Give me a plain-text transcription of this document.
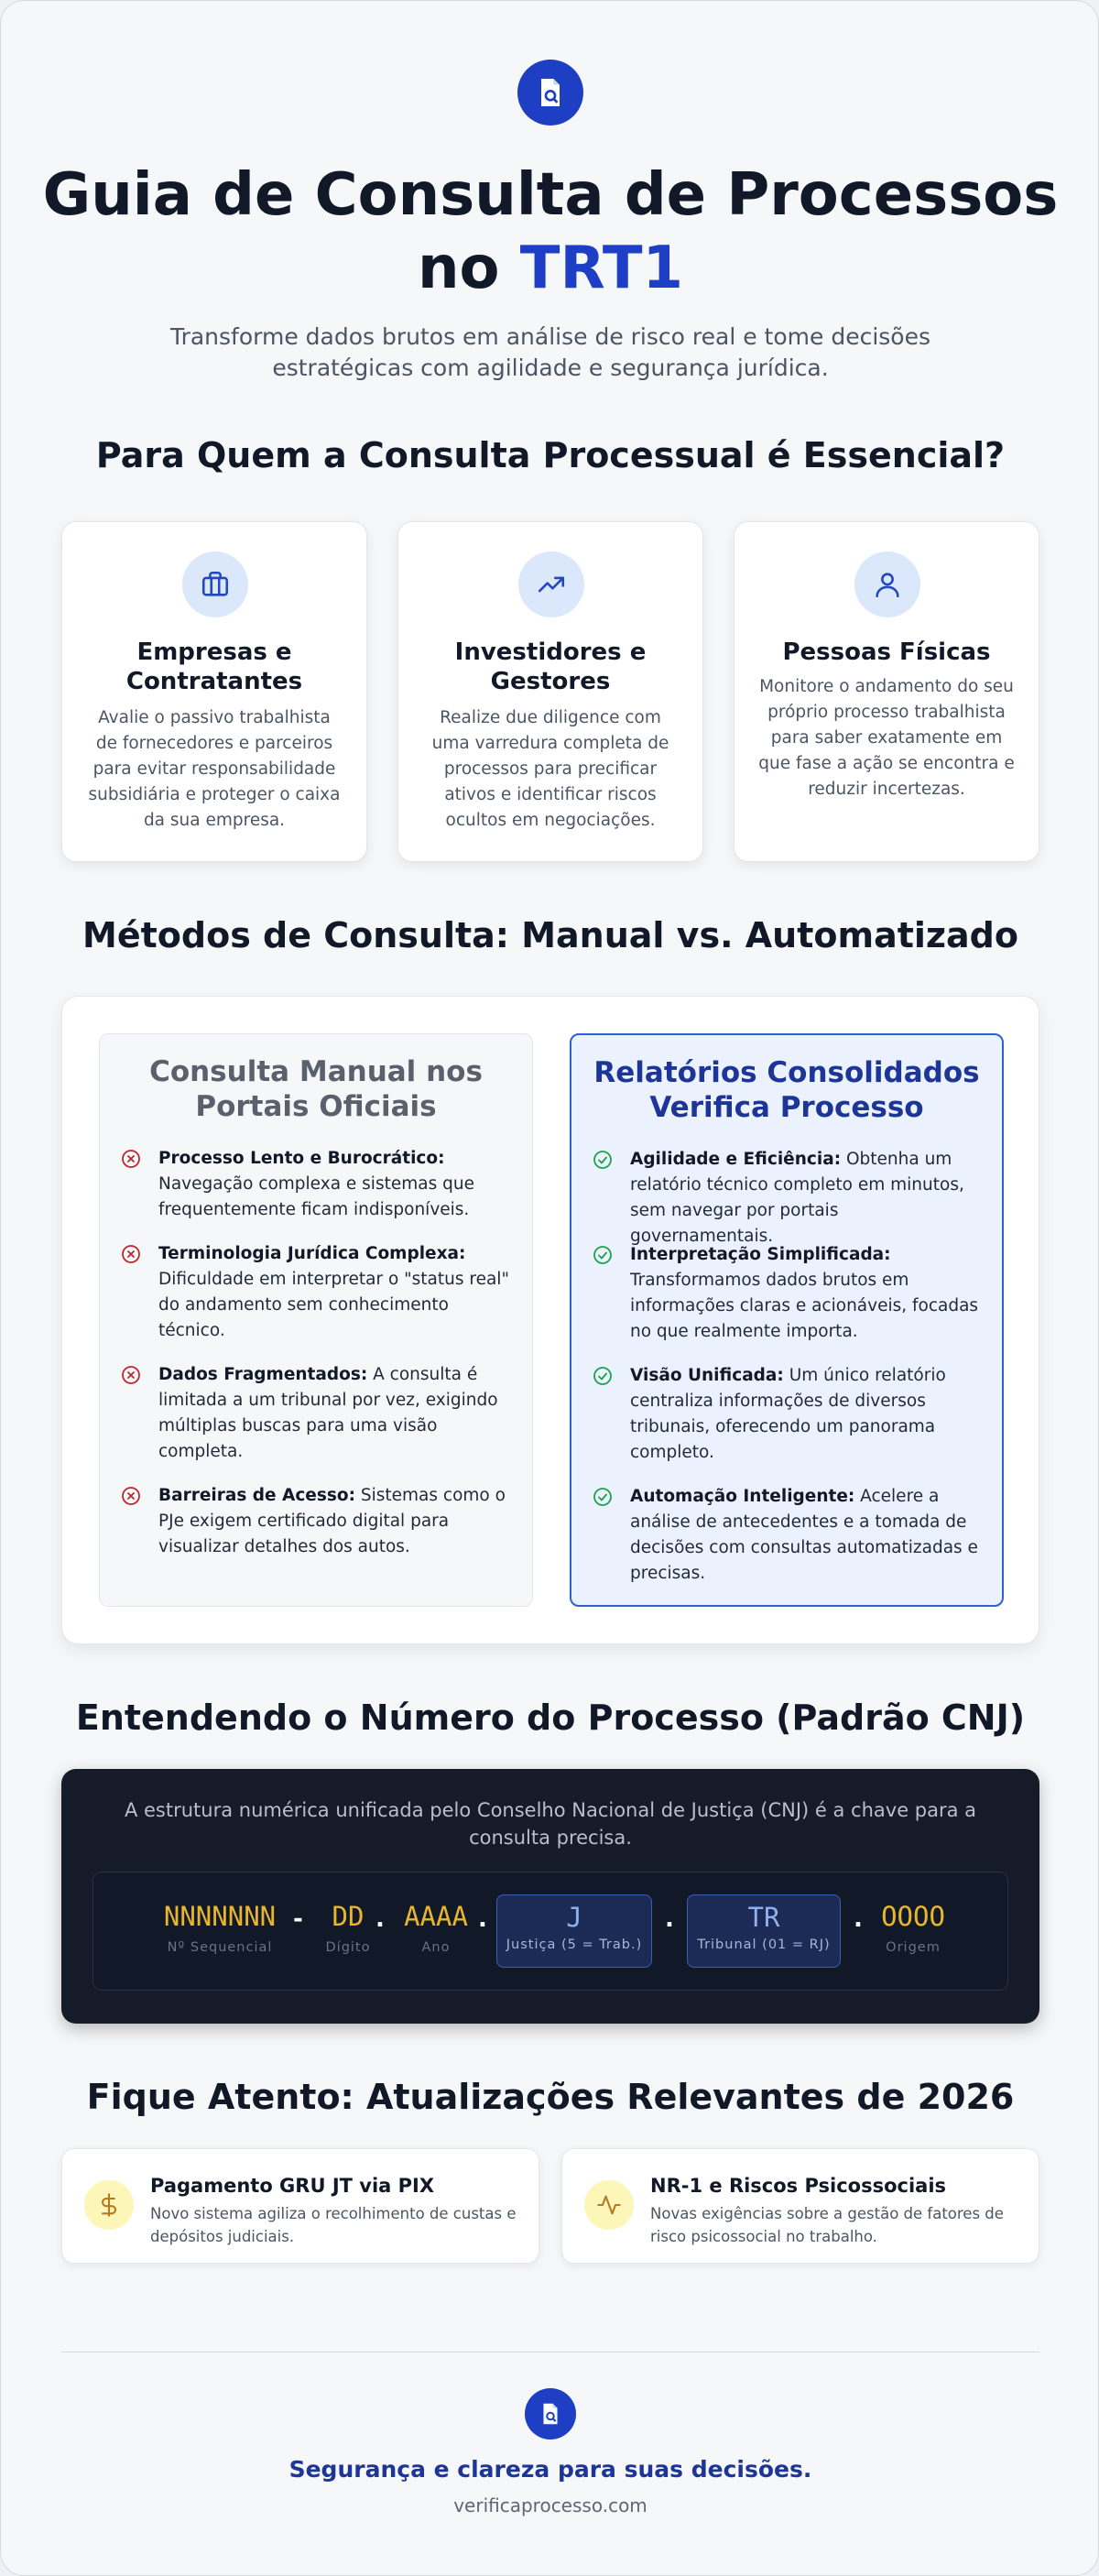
Guia de Consulta de Processos
no TRT1
Transforme dados brutos em análise de risco real e tome decisões estratégicas com agilidade e segurança jurídica.
Para Quem a Consulta Processual é Essencial?
Empresas e Contratantes
Avalie o passivo trabalhista de fornecedores e parceiros para evitar responsabilidade subsidiária e proteger o caixa da sua empresa.
Investidores e Gestores
Realize due diligence com uma varredura completa de processos para precificar ativos e identificar riscos ocultos em negociações.
Pessoas Físicas
Monitore o andamento do seu próprio processo trabalhista para saber exatamente em que fase a ação se encontra e reduzir incertezas.
Métodos de Consulta: Manual vs. Automatizado
Consulta Manual nos Portais Oficiais
Processo Lento e Burocrático: Navegação complexa e sistemas que frequentemente ficam indisponíveis.
Terminologia Jurídica Complexa: Dificuldade em interpretar o "status real" do andamento sem conhecimento técnico.
Dados Fragmentados: A consulta é limitada a um tribunal por vez, exigindo múltiplas buscas para uma visão completa.
Barreiras de Acesso: Sistemas como o PJe exigem certificado digital para visualizar detalhes dos autos.
Relatórios Consolidados Verifica Processo
Agilidade e Eficiência: Obtenha um relatório técnico completo em minutos, sem navegar por portais governamentais.
Interpretação Simplificada: Transformamos dados brutos em informações claras e acionáveis, focadas no que realmente importa.
Visão Unificada: Um único relatório centraliza informações de diversos tribunais, oferecendo um panorama completo.
Automação Inteligente: Acelere a análise de antecedentes e a tomada de decisões com consultas automatizadas e precisas.
Entendendo o Número do Processo (Padrão CNJ)
A estrutura numérica unificada pelo Conselho Nacional de Justiça (CNJ) é a chave para a consulta precisa.
NNNNNNN
Nº Sequencial
-	DD
Dígito
. AAAA
Ano
.	J
Justiça (5 = Trab.)
.	TR
Tribunal (01 = RJ)
. OOOO
Origem
Fique Atento: Atualizações Relevantes de 2026
Pagamento GRU JT via PIX
Novo sistema agiliza o recolhimento de custas e depósitos judiciais.
NR-1 e Riscos Psicossociais
Novas exigências sobre a gestão de fatores de risco psicossocial no trabalho.
Segurança e clareza para suas decisões.
verificaprocesso.com
